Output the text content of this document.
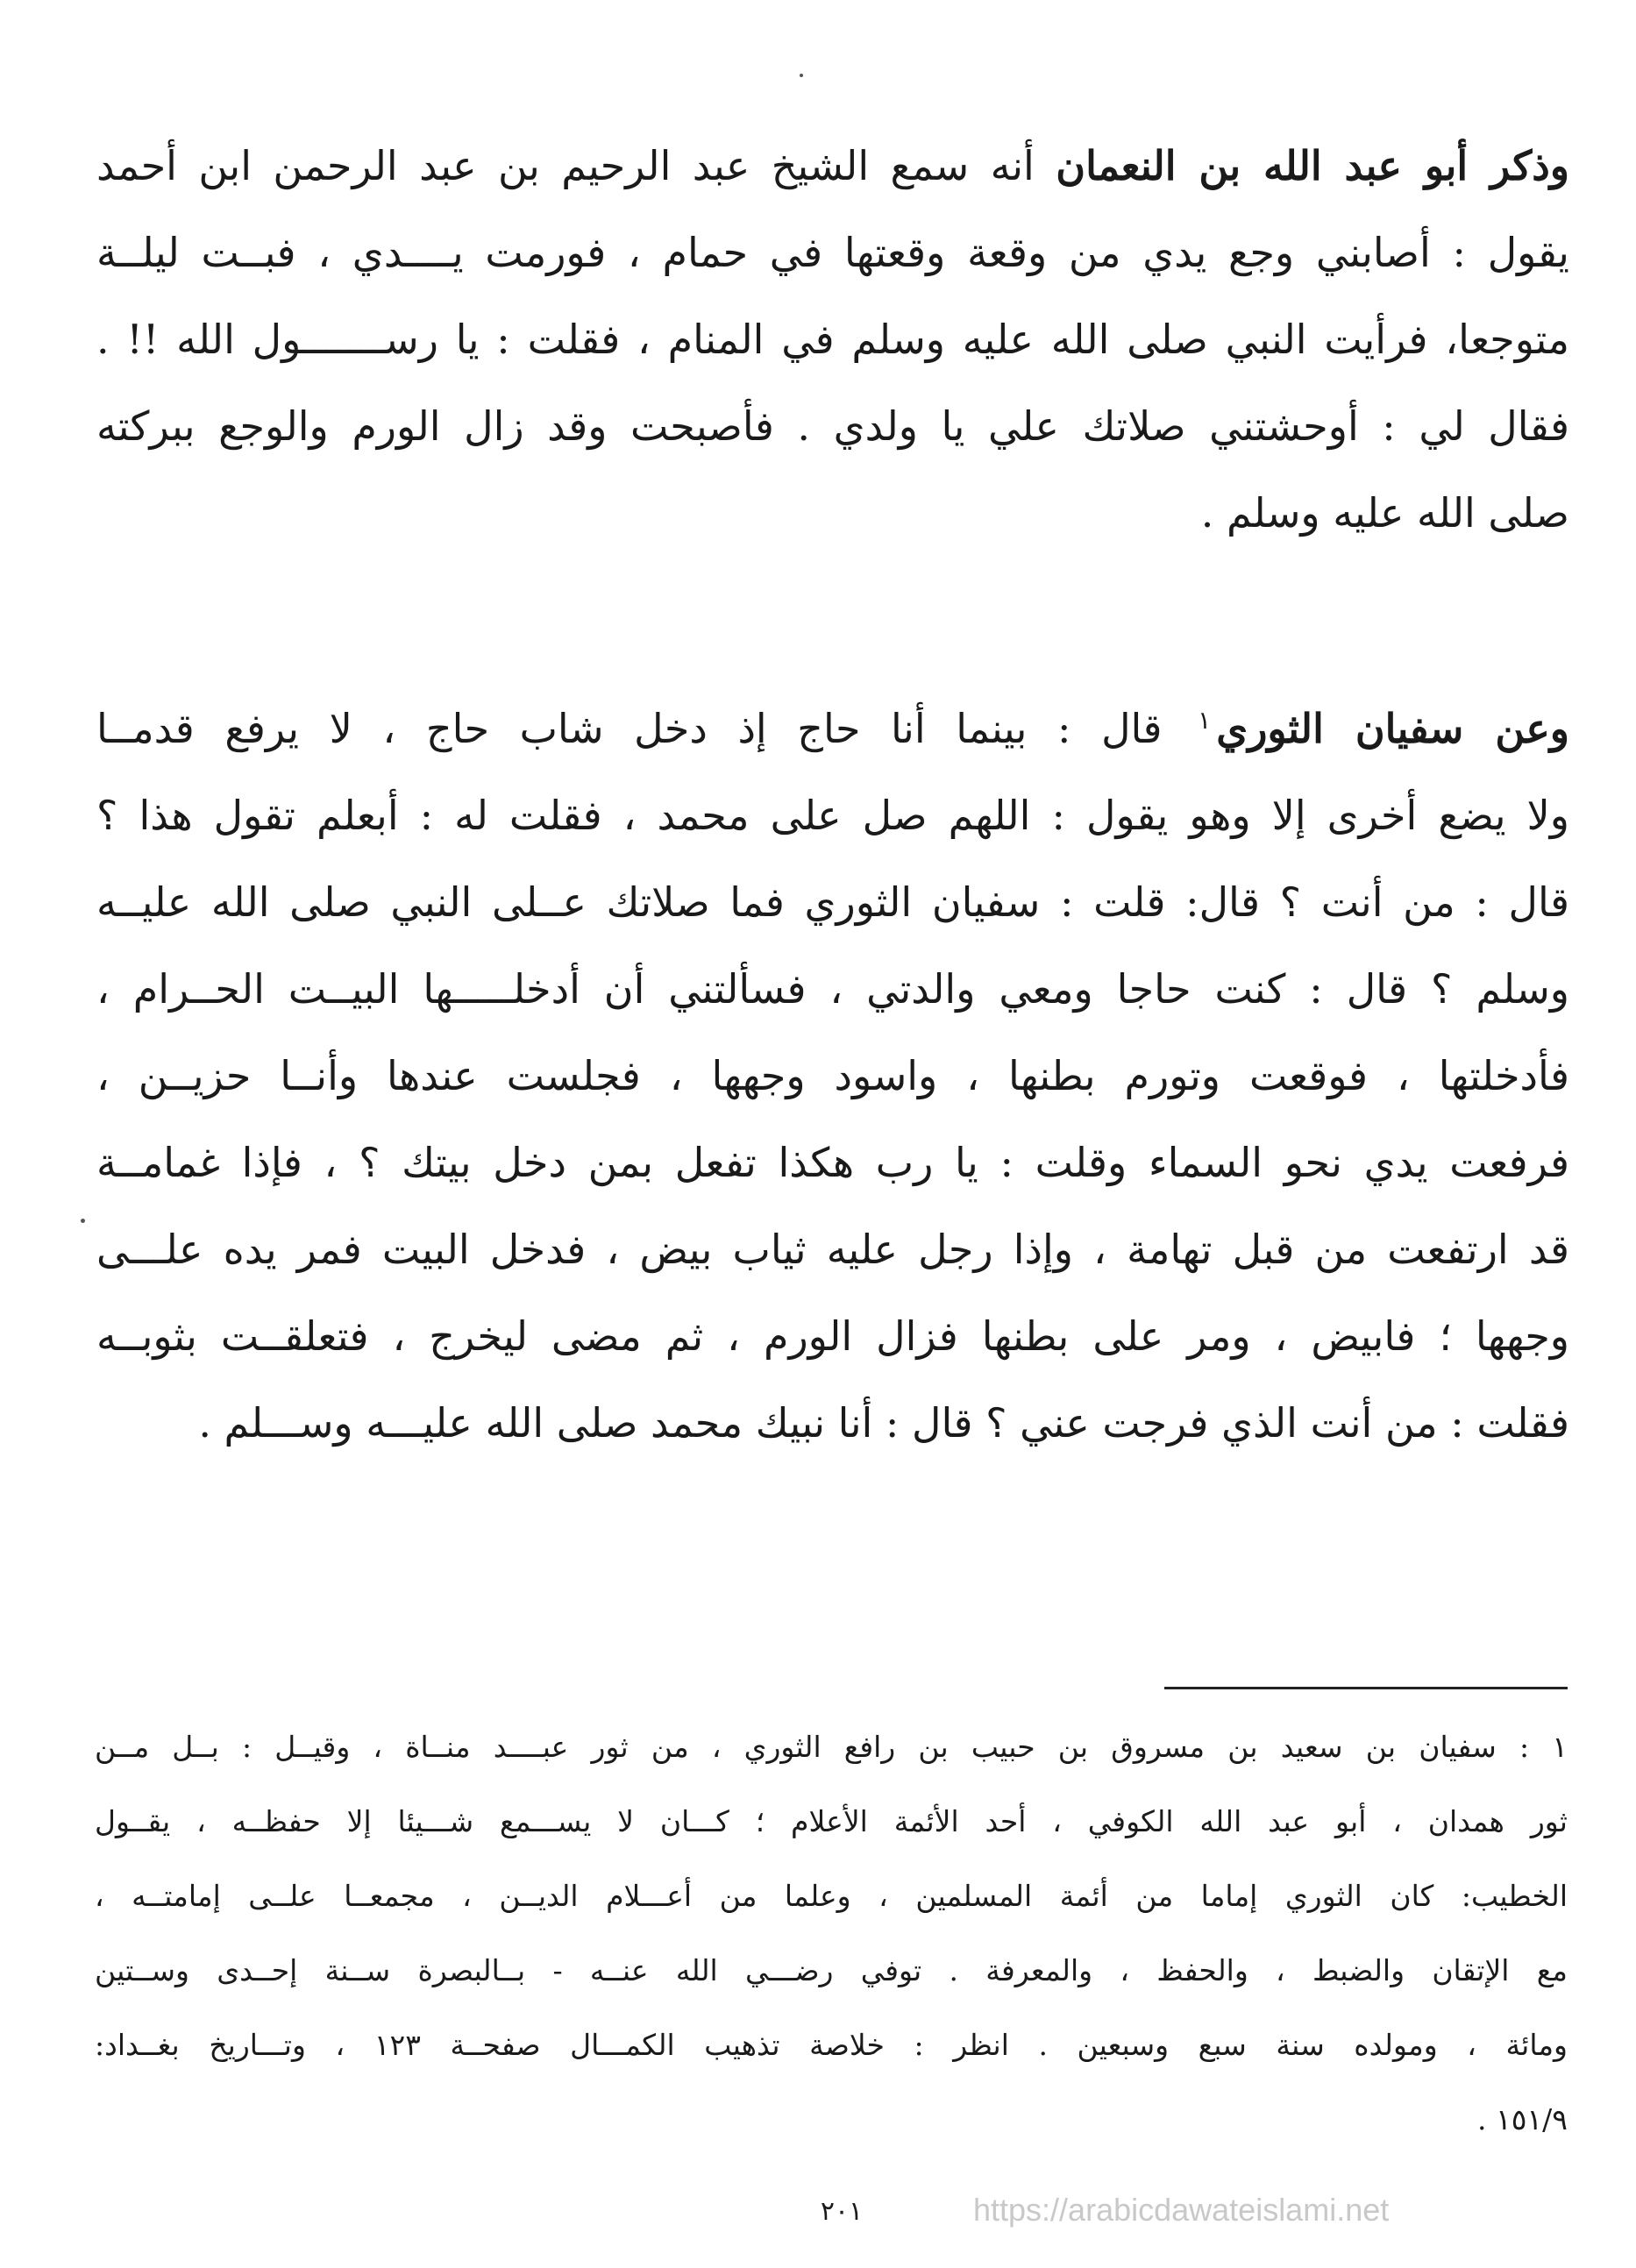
وذكر أبو عبد الله بن النعمان أنه سمع الشيخ عبد الرحيم بن عبد الرحمن ابن أحمد
يقول : أصابني وجع يدي من وقعة وقعتها في حمام ، فورمت يــــدي ، فبــت ليلــة
متوجعا، فرأيت النبي صلى الله عليه وسلم في المنام ، فقلت : يا رســـــــول الله !! .
فقال لي : أوحشتني صلاتك علي يا ولدي . فأصبحت وقد زال الورم والوجع ببركته
صلى الله عليه وسلم .
وعن سفيان الثوري$^١$ قال : بينما أنا حاج إذ دخل شاب حاج ، لا يرفع قدمــا
ولا يضع أخرى إلا وهو يقول : اللهم صل على محمد ، فقلت له : أبعلم تقول هذا ؟
قال : من أنت ؟ قال: قلت : سفيان الثوري فما صلاتك عــلى النبي صلى الله عليــه
وسلم ؟ قال : كنت حاجا ومعي والدتي ، فسألتني أن أدخلـــــها البيــت الحــرام ،
فأدخلتها ، فوقعت وتورم بطنها ، واسود وجهها ، فجلست عندها وأنــا حزيــن ،
فرفعت يدي نحو السماء وقلت : يا رب هكذا تفعل بمن دخل بيتك ؟ ، فإذا غمامــة
قد ارتفعت من قبل تهامة ، وإذا رجل عليه ثياب بيض ، فدخل البيت فمر يده علـــى
وجهها ؛ فابيض ، ومر على بطنها فزال الورم ، ثم مضى ليخرج ، فتعلقــت بثوبــه
فقلت : من أنت الذي فرجت عني ؟ قال : أنا نبيك محمد صلى الله عليـــه وســـلم .
١ : سفيان بن سعيد بن مسروق بن حبيب بن رافع الثوري ، من ثور عبــــد منــاة ، وقيــل : بــل مــن
ثور همدان ، أبو عبد الله الكوفي ، أحد الأئمة الأعلام ؛ كـــان لا يســـمع شـــيئا إلا حفظــه ، يقــول
الخطيب: كان الثوري إماما من أئمة المسلمين ، وعلما من أعـــلام الديــن ، مجمعــا علــى إمامتــه ،
مع الإتقان والضبط ، والحفظ ، والمعرفة . توفي رضـــي الله عنــه - بــالبصرة ســنة إحــدى وســتين
ومائة ، ومولده سنة سبع وسبعين . انظر : خلاصة تذهيب الكمـــال صفحــة ١٢٣ ، وتـــاريخ بغــداد:
١٥١/٩ .
٢٠١	https://arabicdawateislami.net
